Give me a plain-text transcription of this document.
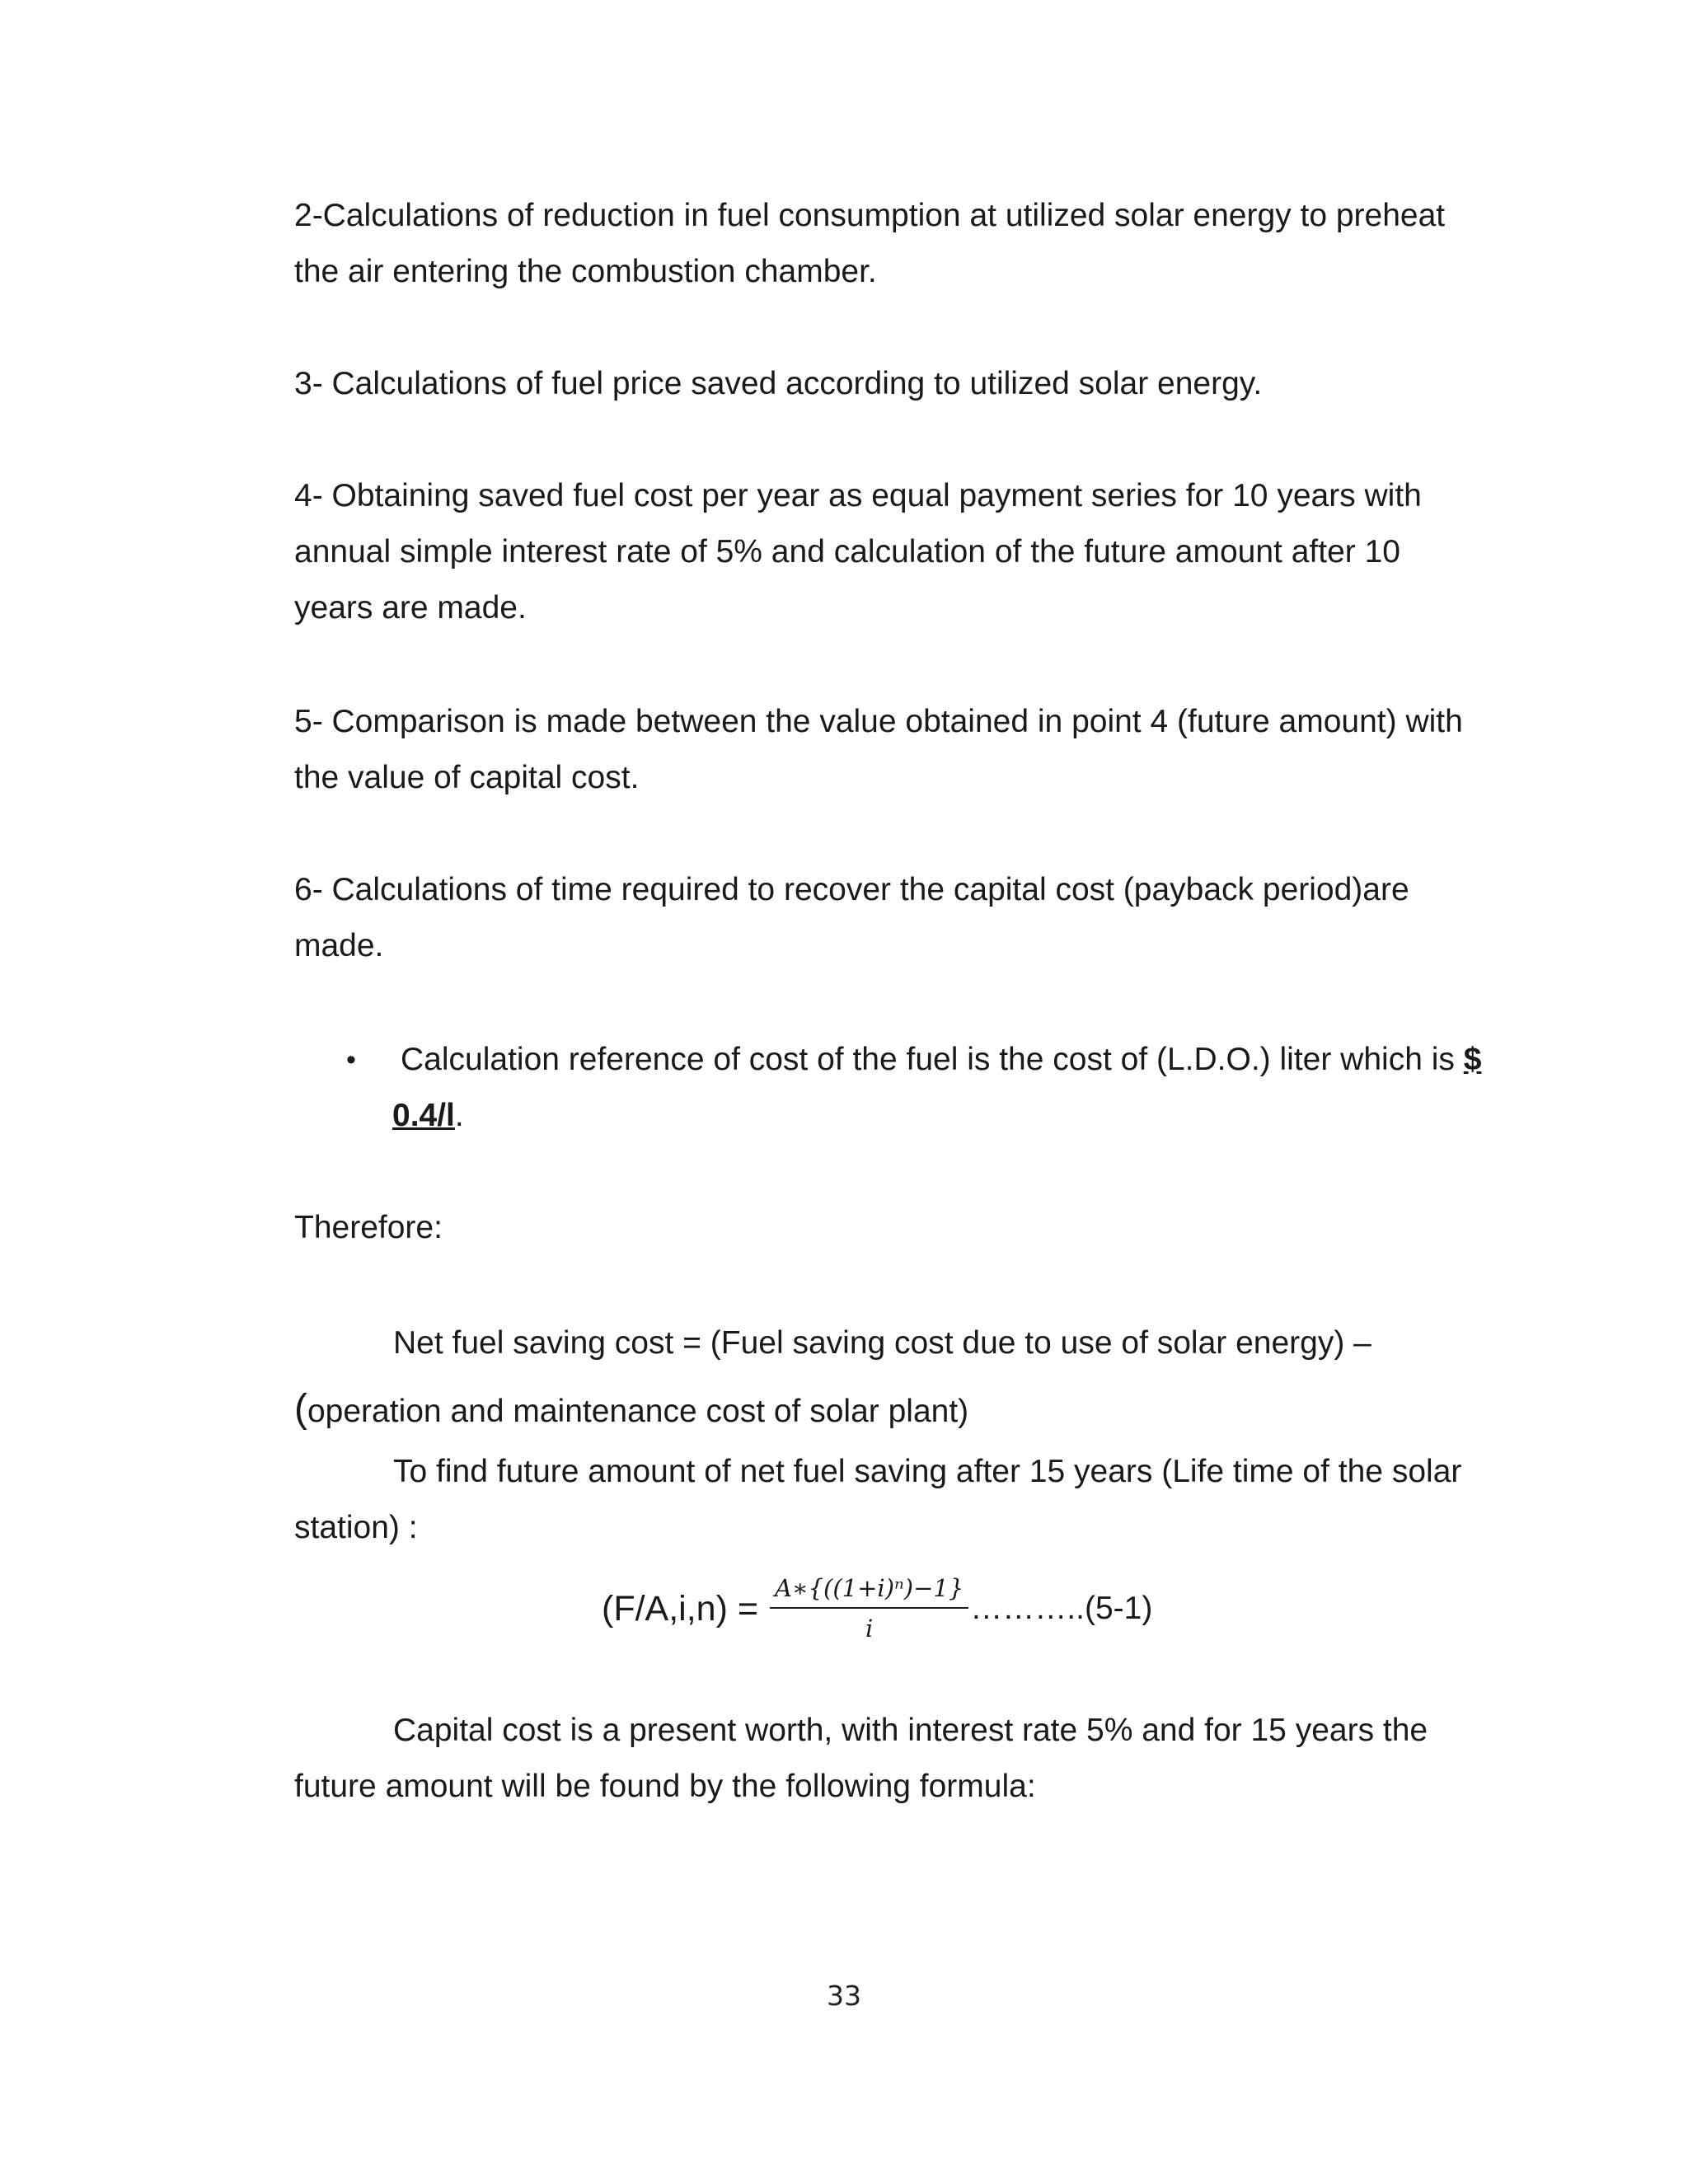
2-Calculations of reduction in fuel consumption at utilized solar energy to preheat the air entering the combustion chamber.

3- Calculations of fuel price saved according to utilized solar energy.

4- Obtaining saved fuel cost per year as equal payment series for 10 years with annual simple interest rate of 5% and calculation of the future amount after 10 years are made.

5- Comparison is made between the value obtained in point 4 (future amount) with the value of capital cost.

6- Calculations of time required to recover the capital cost (payback period)are made.

• Calculation reference of cost of the fuel is the cost of (L.D.O.) liter which is $ 0.4/l.

Therefore:

Net fuel saving cost = (Fuel saving cost due to use of solar energy) –

(operation and maintenance cost of solar plant)

To find future amount of net fuel saving after 15 years (Life time of the solar station) :

$(F/A,i,n) = \frac{\text{A∗\{((1+i)ⁿ)−1\}}}{i}$ ………..(5-1)

Capital cost is a present worth, with interest rate 5% and for 15 years the future amount will be found by the following formula:

33
